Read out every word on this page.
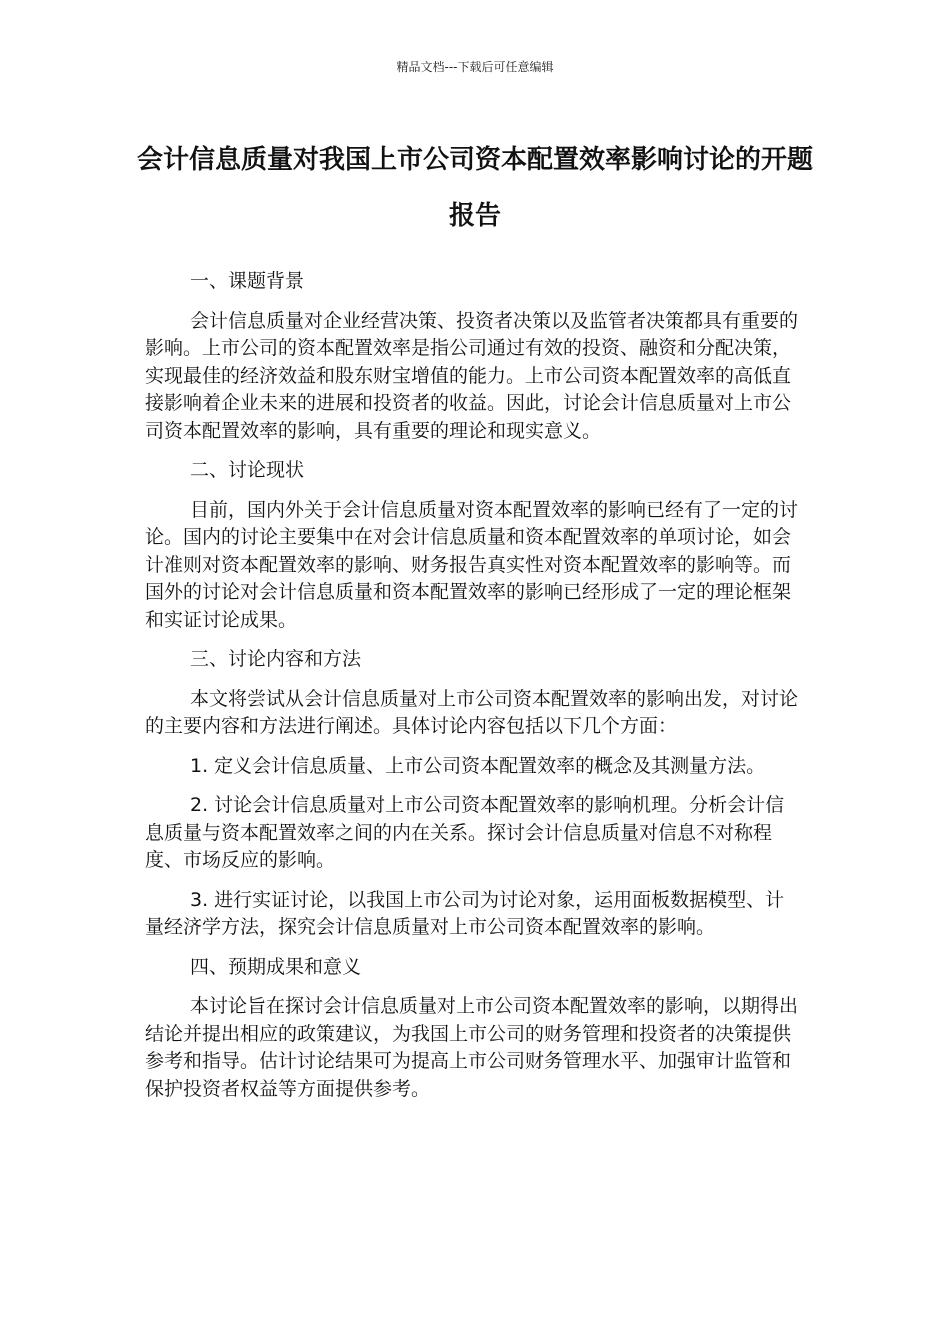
精品文档---下载后可任意编辑
会计信息质量对我国上市公司资本配置效率影响讨论的开题报告

一、课题背景

会计信息质量对企业经营决策、投资者决策以及监管者决策都具有重要的影响。上市公司的资本配置效率是指公司通过有效的投资、融资和分配决策，实现最佳的经济效益和股东财宝增值的能力。上市公司资本配置效率的高低直接影响着企业未来的进展和投资者的收益。因此，讨论会计信息质量对上市公司资本配置效率的影响，具有重要的理论和现实意义。

二、讨论现状

目前，国内外关于会计信息质量对资本配置效率的影响已经有了一定的讨论。国内的讨论主要集中在对会计信息质量和资本配置效率的单项讨论，如会计准则对资本配置效率的影响、财务报告真实性对资本配置效率的影响等。而国外的讨论对会计信息质量和资本配置效率的影响已经形成了一定的理论框架和实证讨论成果。

三、讨论内容和方法

本文将尝试从会计信息质量对上市公司资本配置效率的影响出发，对讨论的主要内容和方法进行阐述。具体讨论内容包括以下几个方面：

1. 定义会计信息质量、上市公司资本配置效率的概念及其测量方法。

2. 讨论会计信息质量对上市公司资本配置效率的影响机理。分析会计信息质量与资本配置效率之间的内在关系。探讨会计信息质量对信息不对称程度、市场反应的影响。

3. 进行实证讨论，以我国上市公司为讨论对象，运用面板数据模型、计量经济学方法，探究会计信息质量对上市公司资本配置效率的影响。

四、预期成果和意义

本讨论旨在探讨会计信息质量对上市公司资本配置效率的影响，以期得出结论并提出相应的政策建议，为我国上市公司的财务管理和投资者的决策提供参考和指导。估计讨论结果可为提高上市公司财务管理水平、加强审计监管和保护投资者权益等方面提供参考。
